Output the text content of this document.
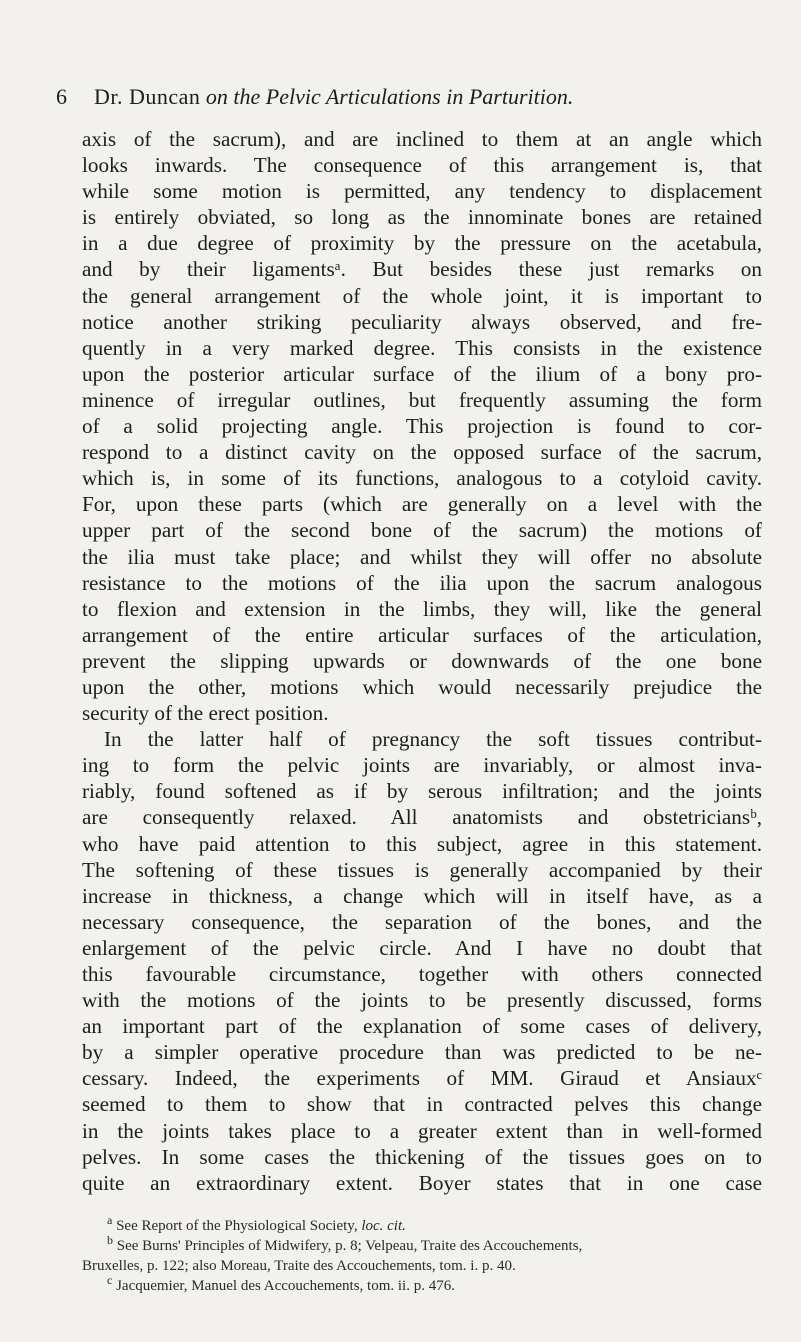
6 Dr. Duncan on the Pelvic Articulations in Parturition.
axis of the sacrum), and are inclined to them at an angle which
looks inwards. The consequence of this arrangement is, that
while some motion is permitted, any tendency to displacement
is entirely obviated, so long as the innominate bones are retained
in a due degree of proximity by the pressure on the acetabula,
and by their ligamentsᵃ. But besides these just remarks on
the general arrangement of the whole joint, it is important to
notice another striking peculiarity always observed, and fre-
quently in a very marked degree. This consists in the existence
upon the posterior articular surface of the ilium of a bony pro-
minence of irregular outlines, but frequently assuming the form
of a solid projecting angle. This projection is found to cor-
respond to a distinct cavity on the opposed surface of the sacrum,
which is, in some of its functions, analogous to a cotyloid cavity.
For, upon these parts (which are generally on a level with the
upper part of the second bone of the sacrum) the motions of
the ilia must take place; and whilst they will offer no absolute
resistance to the motions of the ilia upon the sacrum analogous
to flexion and extension in the limbs, they will, like the general
arrangement of the entire articular surfaces of the articulation,
prevent the slipping upwards or downwards of the one bone
upon the other, motions which would necessarily prejudice the
security of the erect position.
In the latter half of pregnancy the soft tissues contribut-
ing to form the pelvic joints are invariably, or almost inva-
riably, found softened as if by serous infiltration; and the joints
are consequently relaxed. All anatomists and obstetriciansᵇ,
who have paid attention to this subject, agree in this statement.
The softening of these tissues is generally accompanied by their
increase in thickness, a change which will in itself have, as a
necessary consequence, the separation of the bones, and the
enlargement of the pelvic circle. And I have no doubt that
this favourable circumstance, together with others connected
with the motions of the joints to be presently discussed, forms
an important part of the explanation of some cases of delivery,
by a simpler operative procedure than was predicted to be ne-
cessary. Indeed, the experiments of MM. Giraud et Ansiauxᶜ
seemed to them to show that in contracted pelves this change
in the joints takes place to a greater extent than in well-formed
pelves. In some cases the thickening of the tissues goes on to
quite an extraordinary extent. Boyer states that in one case
$^a$ See Report of the Physiological Society, loc. cit.
$^b$ See Burns' Principles of Midwifery, p. 8; Velpeau, Traite des Accouchements,
Bruxelles, p. 122; also Moreau, Traite des Accouchements, tom. i. p. 40.
$^c$ Jacquemier, Manuel des Accouchements, tom. ii. p. 476.
